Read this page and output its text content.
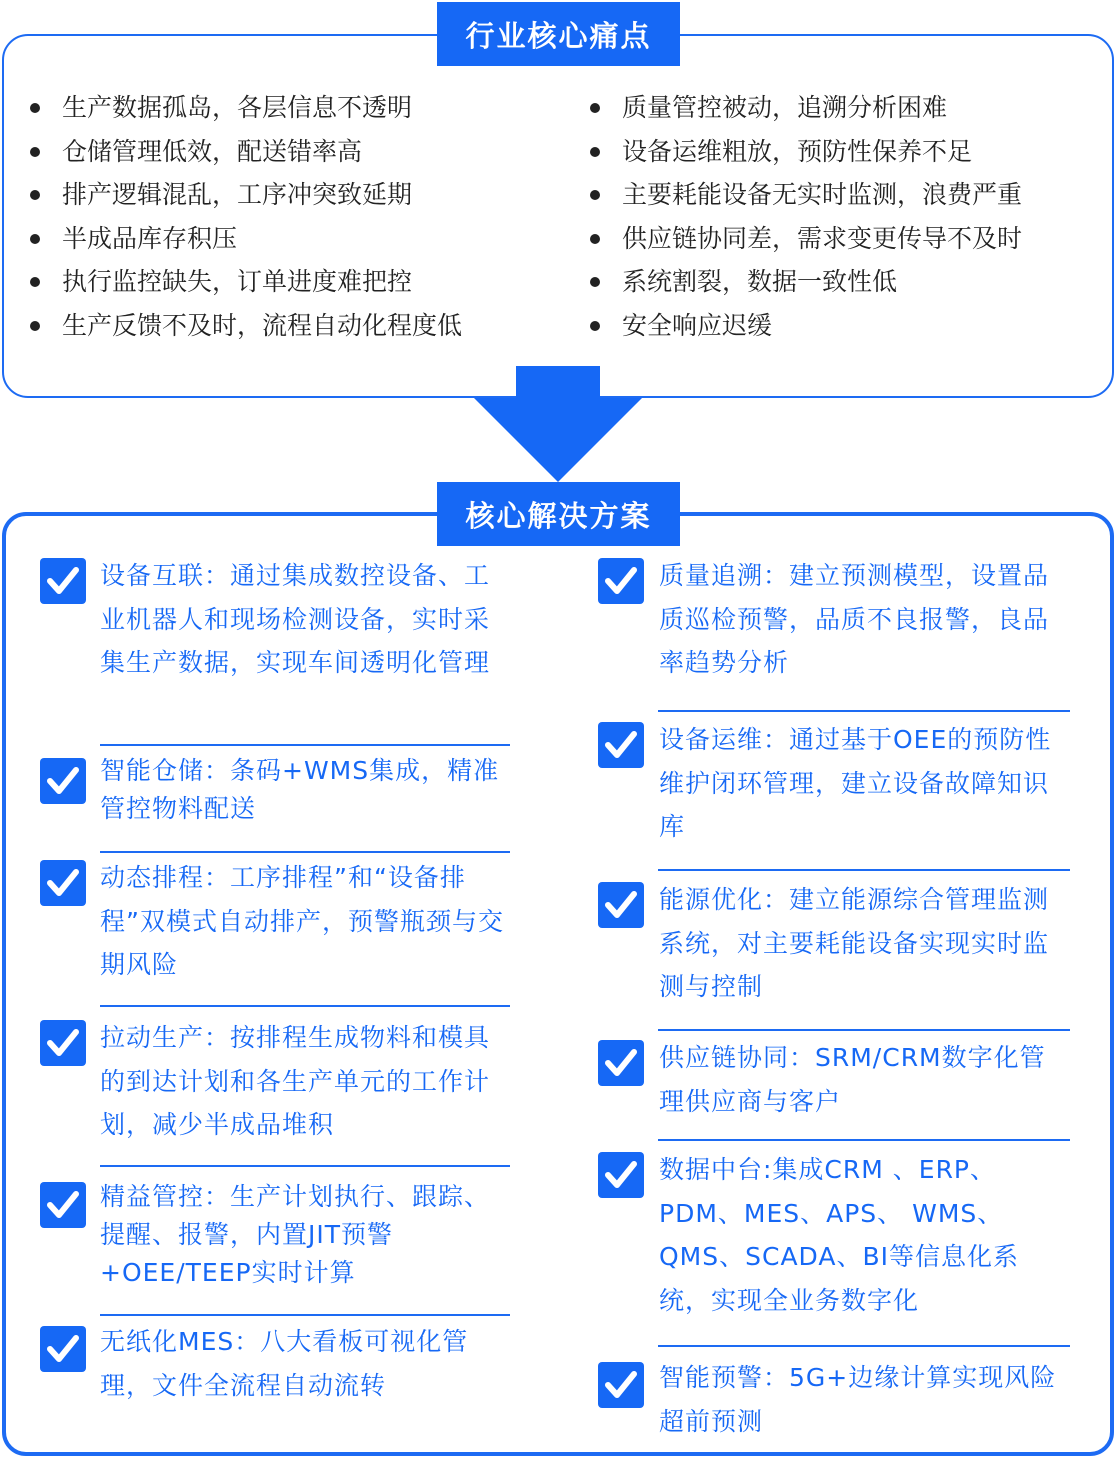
行业核心痛点
生产数据孤岛，各层信息不透明
仓储管理低效，配送错率高
排产逻辑混乱，工序冲突致延期
半成品库存积压
执行监控缺失，订单进度难把控
生产反馈不及时，流程自动化程度低
质量管控被动，追溯分析困难
设备运维粗放，预防性保养不足
主要耗能设备无实时监测，浪费严重
供应链协同差，需求变更传导不及时
系统割裂，数据一致性低
安全响应迟缓
核心解决方案

设备互联：通过集成数控设备、工业机器人和现场检测设备，实时采集生产数据，实现车间透明化管理

智能仓储：条码+WMS集成，精准管控物料配送

动态排程：工序排程”和“设备排程”双模式自动排产，预警瓶颈与交期风险

拉动生产：按排程生成物料和模具的到达计划和各生产单元的工作计划，减少半成品堆积

精益管控：生产计划执行、跟踪、提醒、报警，内置JIT预警+OEE/TEEP实时计算

无纸化MES：八大看板可视化管理，文件全流程自动流转

质量追溯：建立预测模型，设置品质巡检预警，品质不良报警，良品率趋势分析

设备运维：通过基于OEE的预防性维护闭环管理，建立设备故障知识库

能源优化：建立能源综合管理监测系统，对主要耗能设备实现实时监测与控制

供应链协同：SRM/CRM数字化管理供应商与客户

数据中台:集成CRM 、ERP、PDM、MES、APS、 WMS、QMS、SCADA、BI等信息化系统，实现全业务数字化

智能预警：5G+边缘计算实现风险超前预测
